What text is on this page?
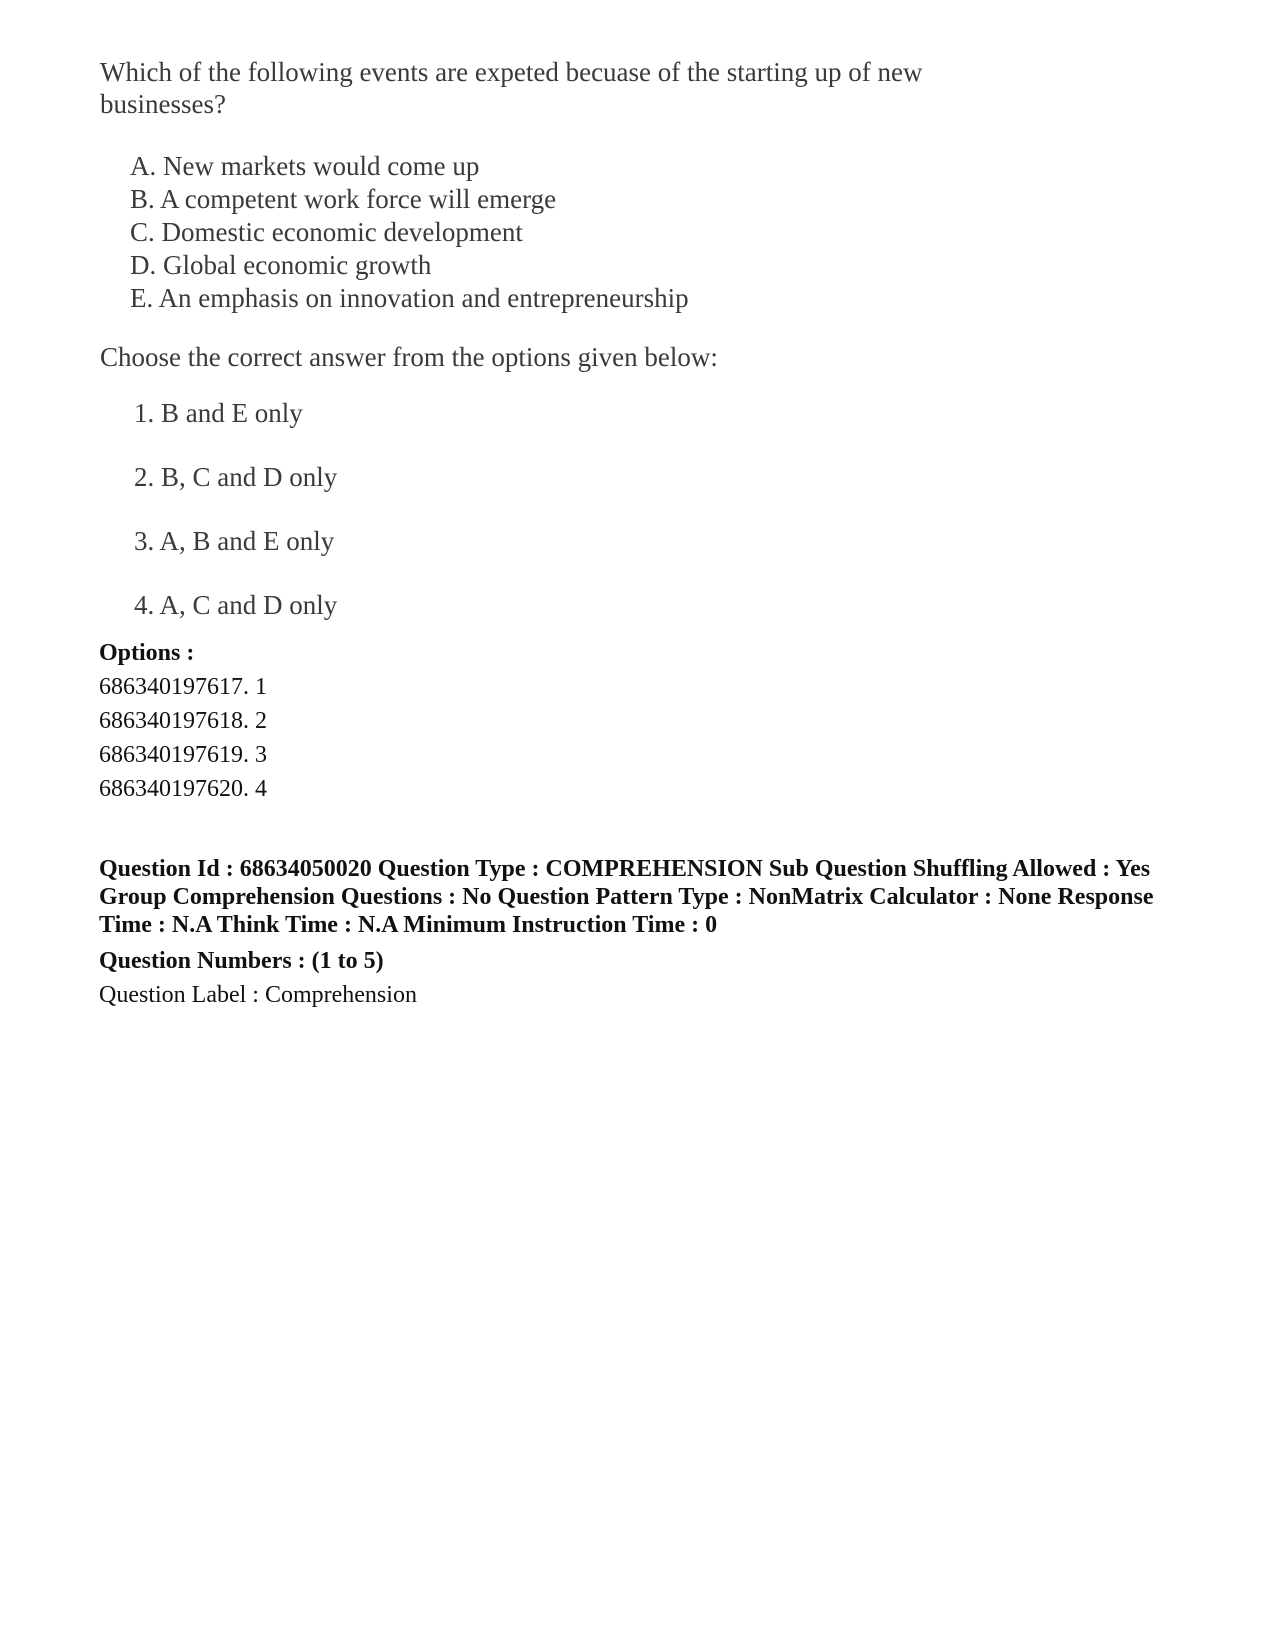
Which of the following events are expeted becuase of the starting up of new businesses?

A. New markets would come up
B. A competent work force will emerge
C. Domestic economic development
D. Global economic growth
E. An emphasis on innovation and entrepreneurship

Choose the correct answer from the options given below:

1. B and E only
2. B, C and D only
3. A, B and E only
4. A, C and D only
Options :
686340197617. 1
686340197618. 2
686340197619. 3
686340197620. 4
Question Id : 68634050020 Question Type : COMPREHENSION Sub Question Shuffling Allowed : Yes Group Comprehension Questions : No Question Pattern Type : NonMatrix Calculator : None Response Time : N.A Think Time : N.A Minimum Instruction Time : 0
Question Numbers : (1 to 5)
Question Label : Comprehension
